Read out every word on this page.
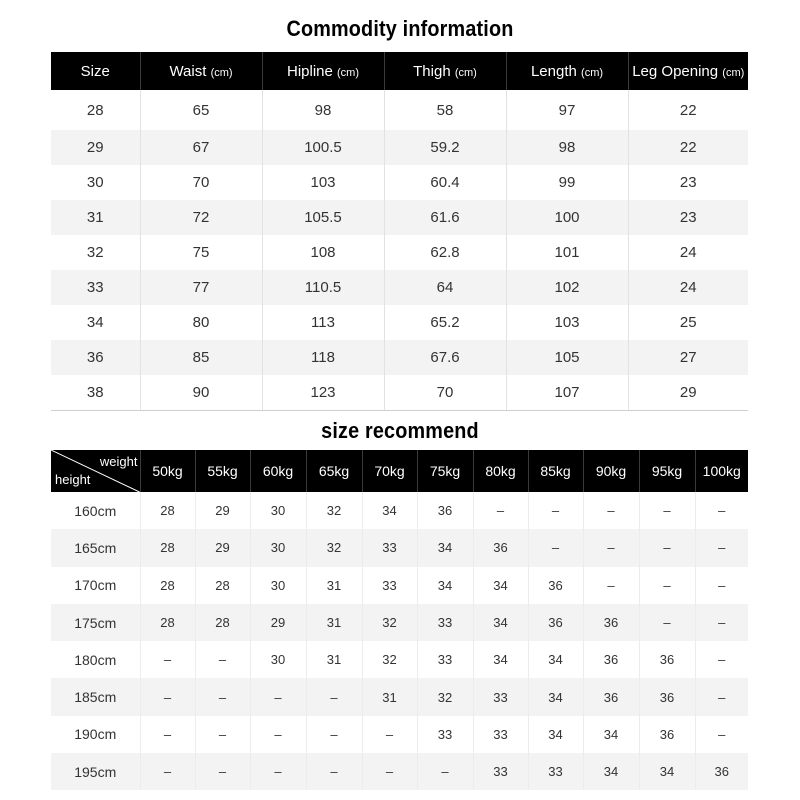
Commodity information
Size	Waist (cm)	Hipline (cm)	Thigh (cm)	Length (cm)	Leg Opening (cm)
28	65	98	58	97	22
29	67	100.5	59.2	98	22
30	70	103	60.4	99	23
31	72	105.5	61.6	100	23
32	75	108	62.8	101	24
33	77	110.5	64	102	24
34	80	113	65.2	103	25
36	85	118	67.6	105	27
38	90	123	70	107	29
size recommend
weight
height	50kg	55kg	60kg	65kg	70kg	75kg	80kg	85kg	90kg	95kg	100kg
160cm	28	29	30	32	34	36	–	–	–	–	–
165cm	28	29	30	32	33	34	36	–	–	–	–
170cm	28	28	30	31	33	34	34	36	–	–	–
175cm	28	28	29	31	32	33	34	36	36	–	–
180cm	–	–	30	31	32	33	34	34	36	36	–
185cm	–	–	–	–	31	32	33	34	36	36	–
190cm	–	–	–	–	–	33	33	34	34	36	–
195cm	–	–	–	–	–	–	33	33	34	34	36
